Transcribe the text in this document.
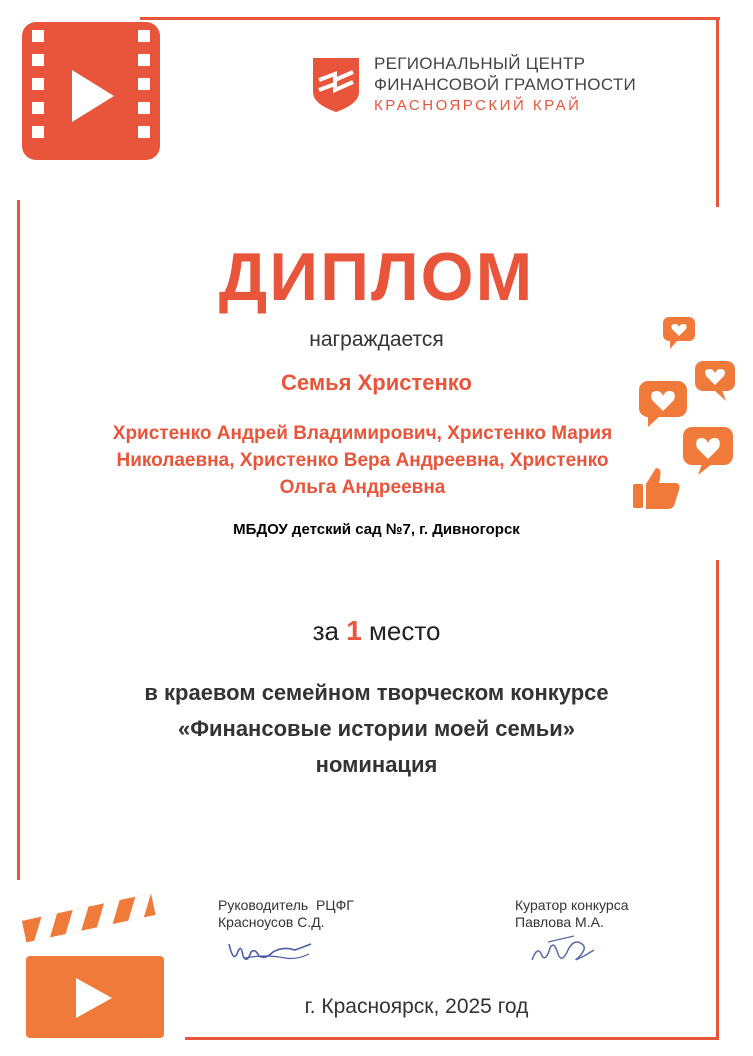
РЕГИОНАЛЬНЫЙ ЦЕНТР
ФИНАНСОВОЙ ГРАМОТНОСТИ
КРАСНОЯРСКИЙ КРАЙ
ДИПЛОМ
награждается
Семья Христенко
Христенко Андрей Владимирович, Христенко Мария Николаевна, Христенко Вера Андреевна, Христенко Ольга Андреевна
МБДОУ детский сад №7, г. Дивногорск
за 1 место
в краевом семейном творческом конкурсе
«Финансовые истории моей семьи»
номинация
Руководитель  РЦФГ
Красноусов С.Д.
Куратор конкурса
Павлова М.А.
г. Красноярск, 2025 год
